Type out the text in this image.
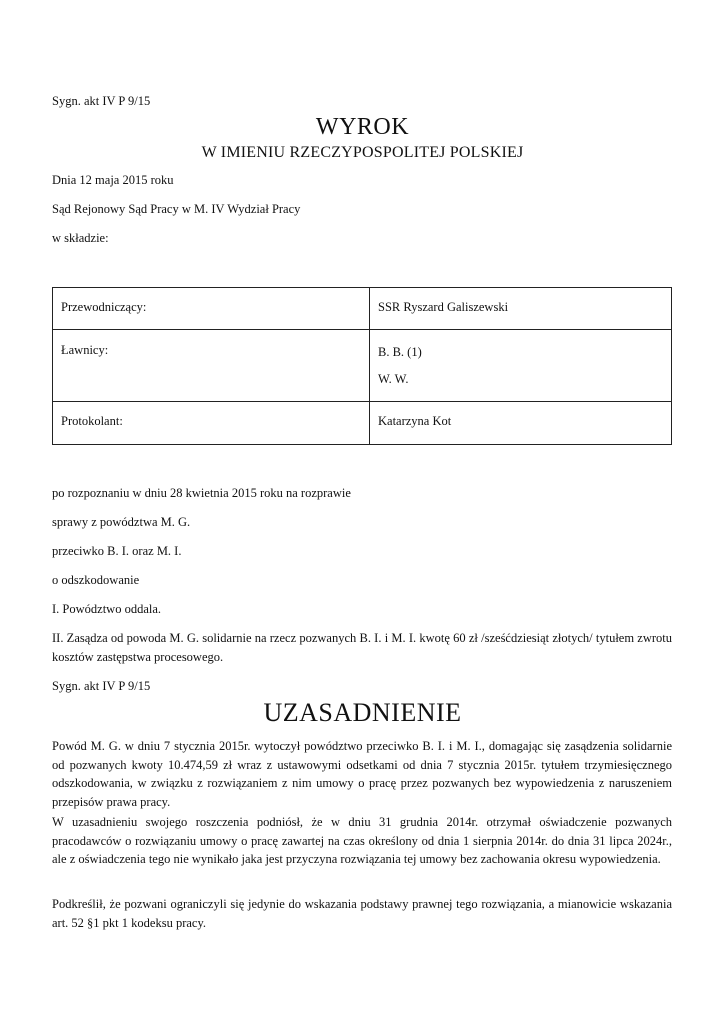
Sygn. akt IV P 9/15
WYROK
W IMIENIU RZECZYPOSPOLITEJ POLSKIEJ
Dnia 12 maja 2015 roku
Sąd Rejonowy Sąd Pracy w M. IV Wydział Pracy
w składzie:
Przewodniczący:	SSR Ryszard Galiszewski
Ławnicy:	B. B. (1)
W. W.

Protokolant:	Katarzyna Kot
po rozpoznaniu w dniu 28 kwietnia 2015 roku na rozprawie
sprawy z powództwa M. G.
przeciwko B. I. oraz M. I.
o odszkodowanie
I. Powództwo oddala.
II. Zasądza od powoda M. G. solidarnie na rzecz pozwanych B. I. i M. I. kwotę 60 zł /sześćdziesiąt złotych/ tytułem zwrotu kosztów zastępstwa procesowego.
Sygn. akt IV P 9/15
UZASADNIENIE
Powód M. G. w dniu 7 stycznia 2015r. wytoczył powództwo przeciwko B. I. i M. I., domagając się zasądzenia solidarnie od pozwanych kwoty 10.474,59 zł wraz z ustawowymi odsetkami od dnia 7 stycznia 2015r. tytułem trzymiesięcznego odszkodowania, w związku z rozwiązaniem z nim umowy o pracę przez pozwanych bez wypowiedzenia z naruszeniem przepisów prawa pracy.
W uzasadnieniu swojego roszczenia podniósł, że w dniu 31 grudnia 2014r. otrzymał oświadczenie pozwanych pracodawców o rozwiązaniu umowy o pracę zawartej na czas określony od dnia 1 sierpnia 2014r. do dnia 31 lipca 2024r., ale z oświadczenia tego nie wynikało jaka jest przyczyna rozwiązania tej umowy bez zachowania okresu wypowiedzenia.
Podkreślił, że pozwani ograniczyli się jedynie do wskazania podstawy prawnej tego rozwiązania, a mianowicie wskazania art. 52 §1 pkt 1 kodeksu pracy.
